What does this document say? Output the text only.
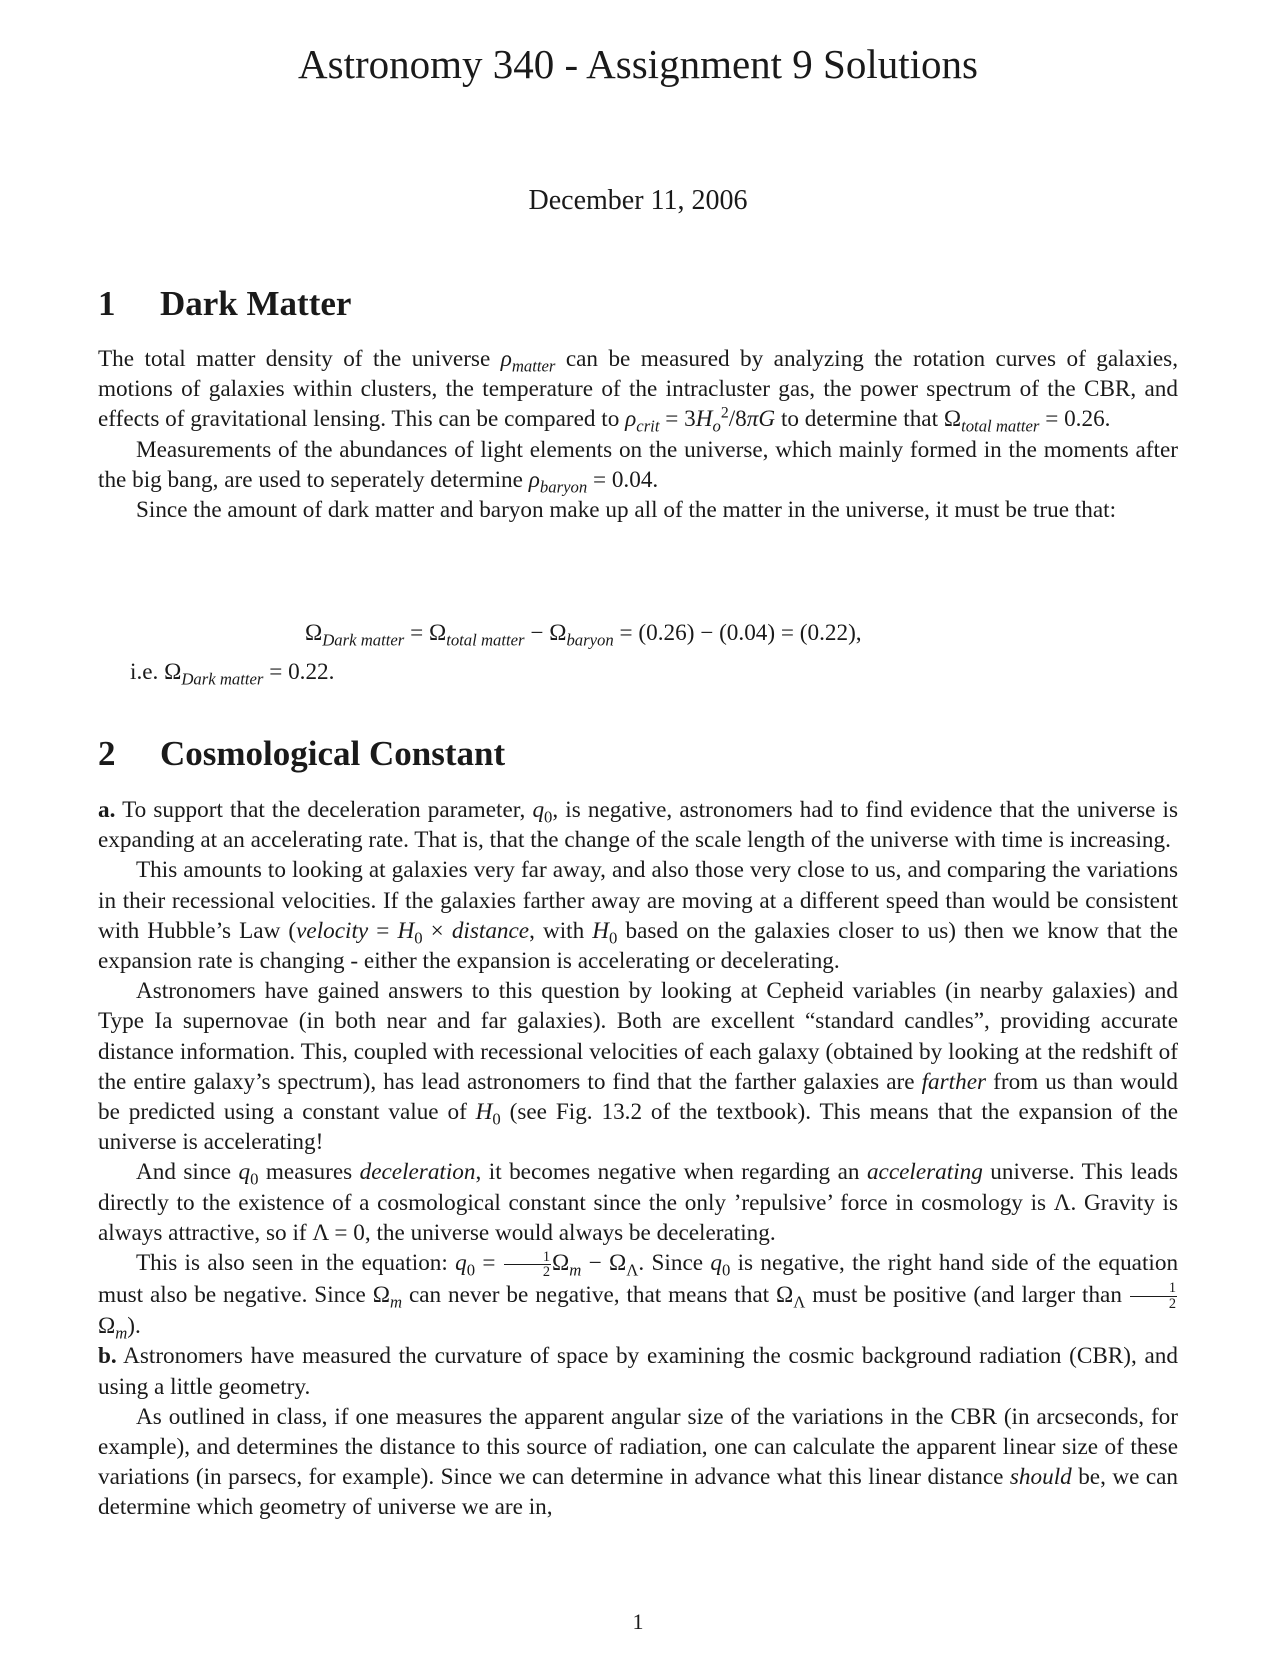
Astronomy 340 - Assignment 9 Solutions
December 11, 2006
1 Dark Matter

The total matter density of the universe $\rho_{matter}$ can be measured by analyzing the rotation curves of galaxies, motions of galaxies within clusters, the temperature of the intracluster gas, the power spectrum of the CBR, and effects of gravitational lensing. This can be compared to $\rho_{crit} = 3H_o^2/8\pi G$ to determine that $\Omega_{total matter} = 0.26$.

Measurements of the abundances of light elements on the universe, which mainly formed in the moments after the big bang, are used to seperately determine $\rho_{baryon} = 0.04$.

Since the amount of dark matter and baryon make up all of the matter in the universe, it must be true that:

$\Omega_{Dark matter} = \Omega_{total matter} - \Omega_{baryon} = (0.26) - (0.04) = (0.22)$,
i.e. $\Omega_{Dark matter} = 0.22$.
2 Cosmological Constant

a. To support that the deceleration parameter, $q_0$, is negative, astronomers had to find evidence that the universe is expanding at an accelerating rate. That is, that the change of the scale length of the universe with time is increasing.

This amounts to looking at galaxies very far away, and also those very close to us, and comparing the variations in their recessional velocities. If the galaxies farther away are moving at a different speed than would be consistent with Hubble’s Law (velocity = $H_0$ × distance, with $H_0$ based on the galaxies closer to us) then we know that the expansion rate is changing - either the expansion is accelerating or decelerating.

Astronomers have gained answers to this question by looking at Cepheid variables (in nearby galaxies) and Type Ia supernovae (in both near and far galaxies). Both are excellent “standard candles”, providing accurate distance information. This, coupled with recessional velocities of each galaxy (obtained by looking at the redshift of the entire galaxy’s spectrum), has lead astronomers to find that the farther galaxies are farther from us than would be predicted using a constant value of $H_0$ (see Fig. 13.2 of the textbook). This means that the expansion of the universe is accelerating!

And since $q_0$ measures deceleration, it becomes negative when regarding an accelerating universe. This leads directly to the existence of a cosmological constant since the only ’repulsive’ force in cosmology is Λ. Gravity is always attractive, so if Λ = 0, the universe would always be decelerating.

This is also seen in the equation: $q_0 = \frac{1}{2} \Omega_m - \Omega_\Lambda$. Since $q_0$ is negative, the right hand side of the equation must also be negative. Since $\Omega_m$ can never be negative, that means that $\Omega_\Lambda$ must be positive (and larger than $\frac{1}{2}$
$\Omega_m$).

b. Astronomers have measured the curvature of space by examining the cosmic background radiation (CBR), and using a little geometry.

As outlined in class, if one measures the apparent angular size of the variations in the CBR (in arcseconds, for example), and determines the distance to this source of radiation, one can calculate the apparent linear size of these variations (in parsecs, for example). Since we can determine in advance what this linear distance should be, we can determine which geometry of universe we are in,

1
